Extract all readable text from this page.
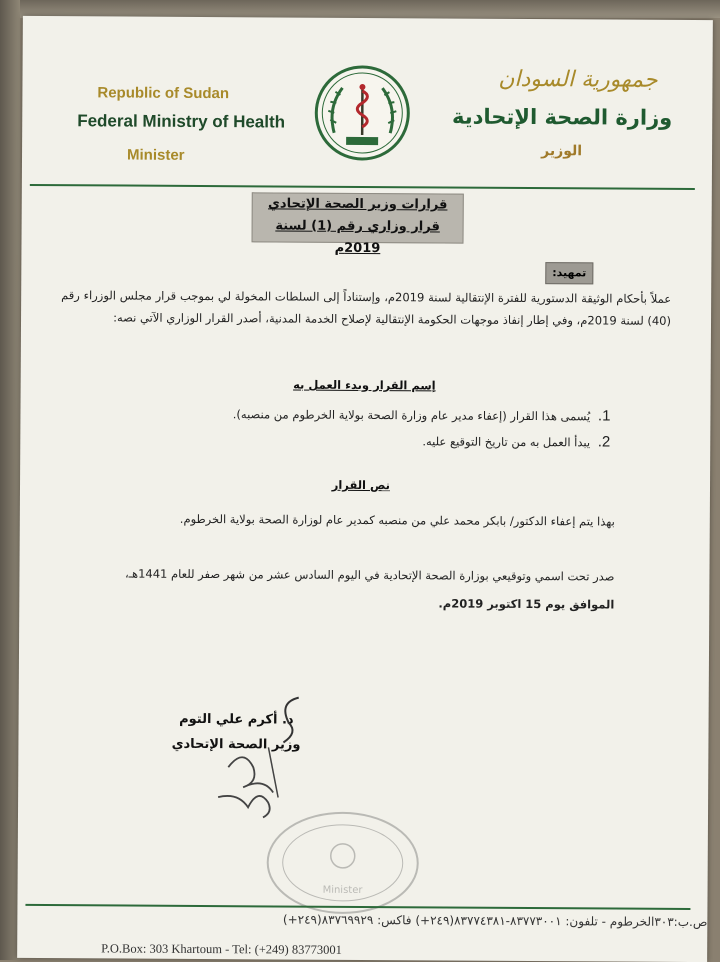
Republic of Sudan
Federal Ministry of Health
Minister
جمهورية السودان
وزارة الصحة الإتحادية
الوزير
قرارات وزير الصحة الإتحادي
قرار وزاري رقم (1) لسنة 2019م
تمهيد:
عملاً بأحكام الوثيقة الدستورية للفترة الإنتقالية لسنة 2019م، وإستناداً إلى السلطات المخولة لي بموجب قرار مجلس الوزراء رقم (40) لسنة 2019م، وفي إطار إنفاذ موجهات الحكومة الإنتقالية لإصلاح الخدمة المدنية، أصدر القرار الوزاري الآتي نصه:
إسم القرار وبدء العمل به
1. يُسمى هذا القرار (إعفاء مدير عام وزارة الصحة بولاية الخرطوم من منصبه).
2. يبدأ العمل به من تاريخ التوقيع عليه.
نص القرار
بهذا يتم إعفاء الدكتور/ بابكر محمد علي من منصبه كمدير عام لوزارة الصحة بولاية الخرطوم.
صدر تحت اسمي وتوقيعي بوزارة الصحة الإتحادية في اليوم السادس عشر من شهر صفر للعام 1441هـ،
الموافق يوم 15 اكتوبر 2019م.
د. أكرم علي التوم
وزير الصحة الإتحادي
Minister
ص.ب:٣٠٣الخرطوم - تلفون: ٨٣٧٧٣٠٠١-٨٣٧٧٤٣٨١(٢٤٩+) فاكس: ٨٣٧٦٩٩٢٩(٢٤٩+)
P.O.Box: 303 Khartoum - Tel: (+249) 83773001
